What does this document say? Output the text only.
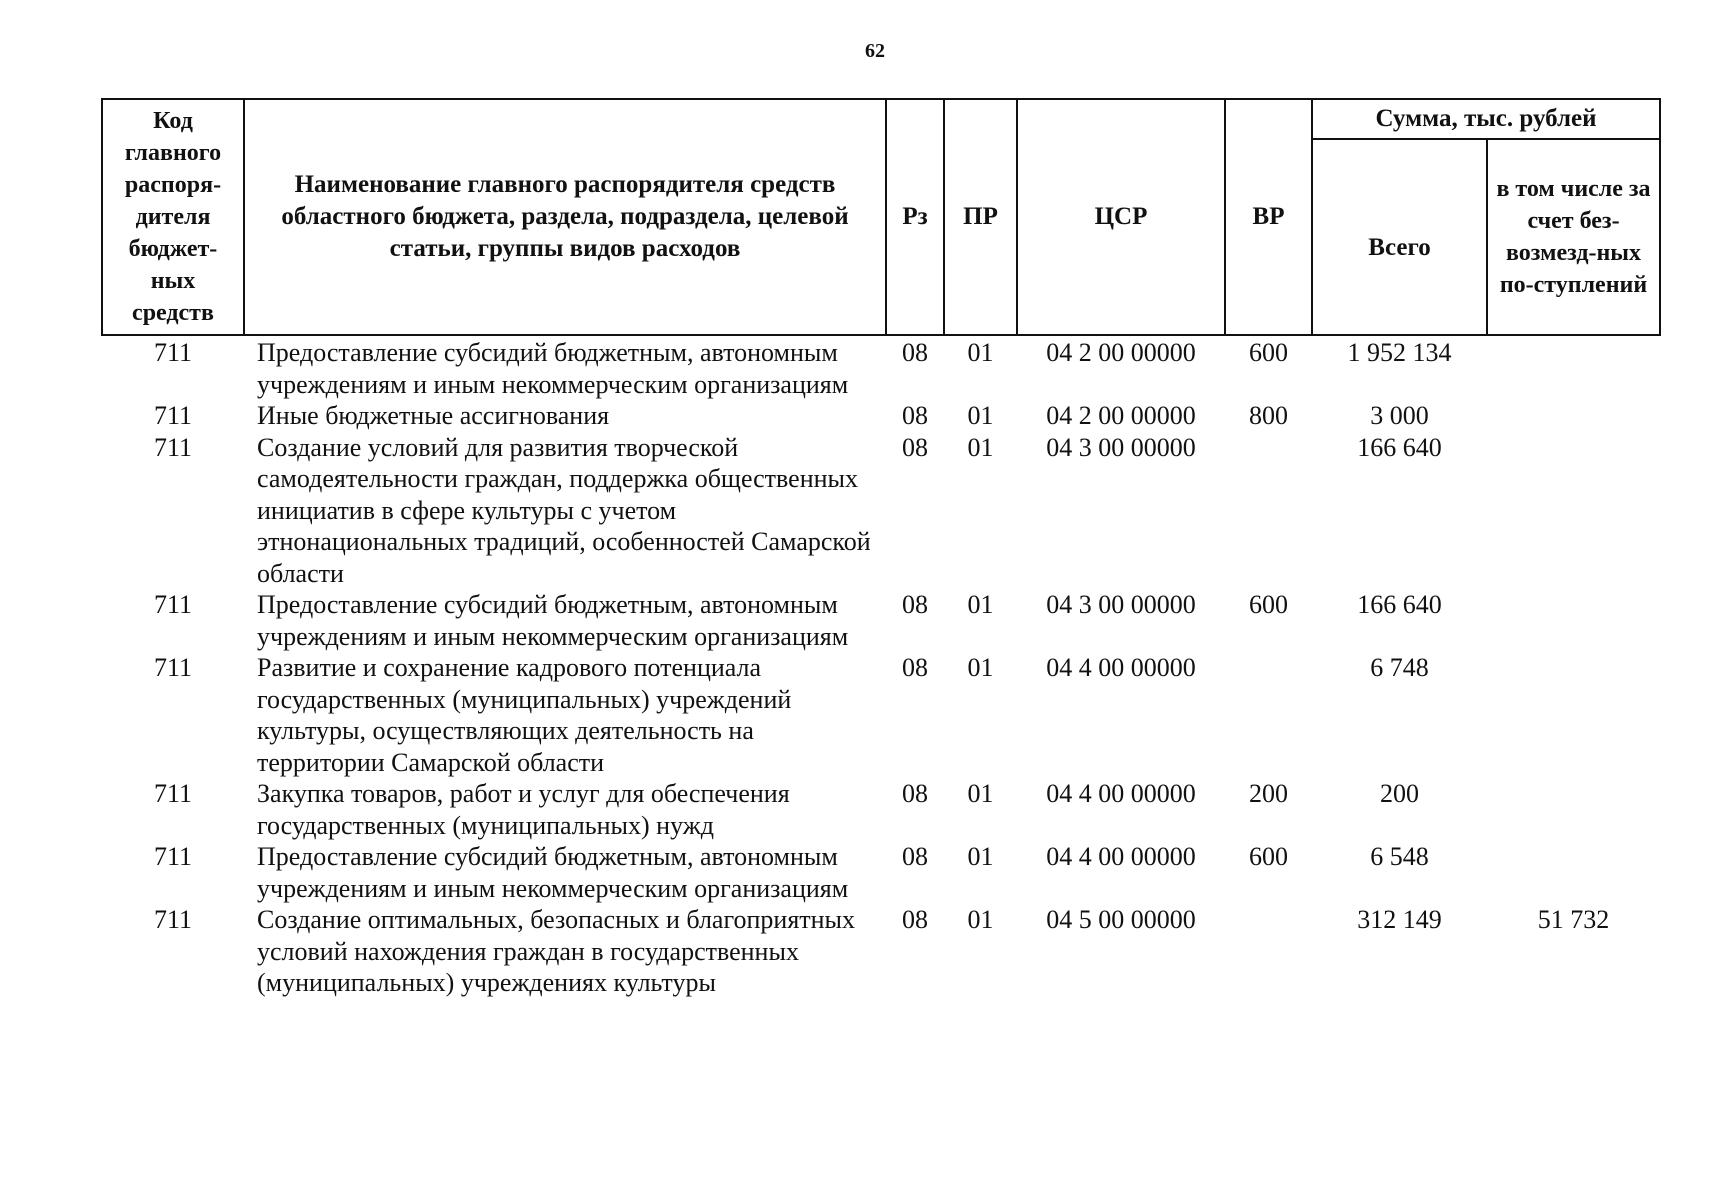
62
Код главного распоря-дителя бюджет-ных средств	Наименование главного распорядителя средств областного бюджета, раздела, подраздела, целевой статьи, группы видов расходов	Рз	ПР	ЦСР	ВР	Сумма, тыс. рублей	
						Всего	в том числе за счет без-возмезд-ных по-ступлений
711	Предоставление субсидий бюджетным, автономным учреждениям и иным некоммерческим организациям	08	01	04 2 00 00000	600	1 952 134	
711	Иные бюджетные ассигнования	08	01	04 2 00 00000	800	3 000	
711	Создание условий для развития творческой самодеятельности граждан, поддержка общественных инициатив в сфере культуры с учетом этнонациональных традиций, особенностей Самарской области	08	01	04 3 00 00000		166 640	
711	Предоставление субсидий бюджетным, автономным учреждениям и иным некоммерческим организациям	08	01	04 3 00 00000	600	166 640	
711	Развитие и сохранение кадрового потенциала государственных (муниципальных) учреждений культуры, осуществляющих деятельность на территории Самарской области	08	01	04 4 00 00000		6 748	
711	Закупка товаров, работ и услуг для обеспечения государственных (муниципальных) нужд	08	01	04 4 00 00000	200	200	
711	Предоставление субсидий бюджетным, автономным учреждениям и иным некоммерческим организациям	08	01	04 4 00 00000	600	6 548	
711	Создание оптимальных, безопасных и благоприятных условий нахождения граждан в государственных (муниципальных) учреждениях культуры	08	01	04 5 00 00000		312 149	51 732
